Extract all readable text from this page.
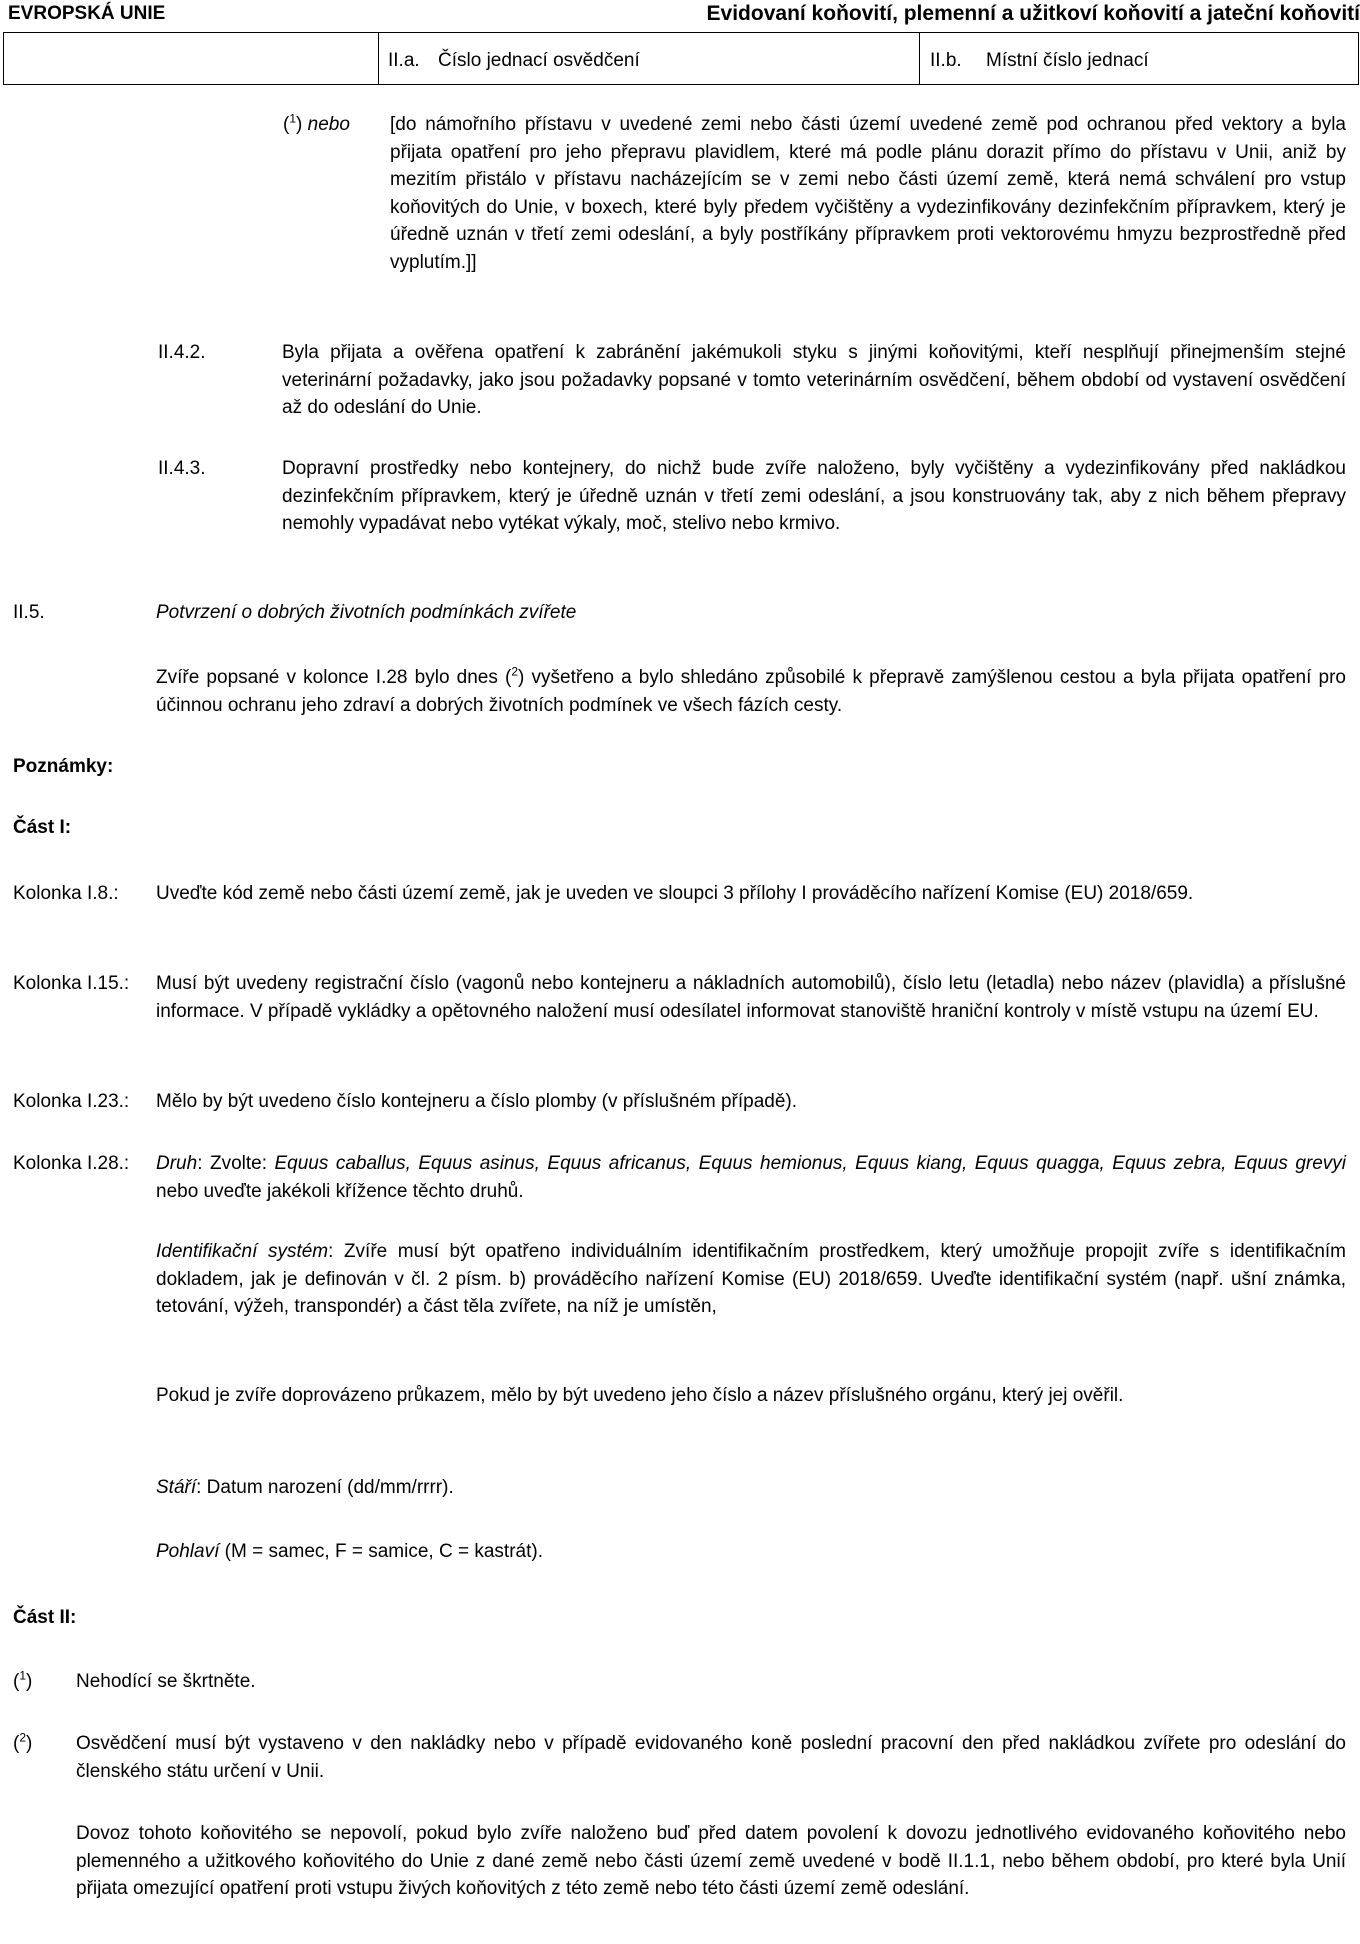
EVROPSKÁ UNIE	Evidovaní koňovití, plemenní a užitkoví koňovití a jateční koňovití
II.a. Číslo jednací osvědčení	II.b. Místní číslo jednací
($^1$) nebo [do námořního přístavu v uvedené zemi nebo části území uvedené země pod ochranou před vektory a byla přijata opatření pro jeho přepravu plavidlem, které má podle plánu dorazit přímo do přístavu v Unii, aniž by mezitím přistálo v přístavu nacházejícím se v zemi nebo části území země, která nemá schválení pro vstup koňovitých do Unie, v boxech, které byly předem vyčištěny a vydezinfikovány dezinfekčním přípravkem, který je úředně uznán v třetí zemi odeslání, a byly postříkány přípravkem proti vektorovému hmyzu bezprostředně před vyplutím.]]

II.4.2.	Byla přijata a ověřena opatření k zabránění jakémukoli styku s jinými koňovitými, kteří nesplňují přinejmenším stejné veterinární požadavky, jako jsou požadavky popsané v tomto veterinárním osvědčení, během období od vystavení osvědčení až do odeslání do Unie.

II.4.3.	Dopravní prostředky nebo kontejnery, do nichž bude zvíře naloženo, byly vyčištěny a vydezinfikovány před nakládkou dezinfekčním přípravkem, který je úředně uznán v třetí zemi odeslání, a jsou konstruovány tak, aby z nich během přepravy nemohly vypadávat nebo vytékat výkaly, moč, stelivo nebo krmivo.

II.5.	Potvrzení o dobrých životních podmínkách zvířete

Zvíře popsané v kolonce I.28 bylo dnes ($^2$) vyšetřeno a bylo shledáno způsobilé k přepravě zamýšlenou cestou a byla přijata opatření pro účinnou ochranu jeho zdraví a dobrých životních podmínek ve všech fázích cesty.

Poznámky:
Část I:
Kolonka I.8.: Uveďte kód země nebo části území země, jak je uveden ve sloupci 3 přílohy I prováděcího nařízení Komise (EU) 2018/659.

Kolonka I.15.: Musí být uvedeny registrační číslo (vagonů nebo kontejneru a nákladních automobilů), číslo letu (letadla) nebo název (plavidla) a příslušné informace. V případě vykládky a opětovného naložení musí odesílatel informovat stanoviště hraniční kontroly v místě vstupu na území EU.

Kolonka I.23.: Mělo by být uvedeno číslo kontejneru a číslo plomby (v příslušném případě).

Kolonka I.28.: Druh: Zvolte: Equus caballus, Equus asinus, Equus africanus, Equus hemionus, Equus kiang, Equus quagga, Equus zebra, Equus grevyi nebo uveďte jakékoli křížence těchto druhů.

Identifikační systém: Zvíře musí být opatřeno individuálním identifikačním prostředkem, který umožňuje propojit zvíře s identifikačním dokladem, jak je definován v čl. 2 písm. b) prováděcího nařízení Komise (EU) 2018/659. Uveďte identifikační systém (např. ušní známka, tetování, výžeh, transpondér) a část těla zvířete, na níž je umístěn,

Pokud je zvíře doprovázeno průkazem, mělo by být uvedeno jeho číslo a název příslušného orgánu, který jej ověřil.

Stáří: Datum narození (dd/mm/rrrr).

Pohlaví (M = samec, F = samice, C = kastrát).

Část II:
($^1$) Nehodící se škrtněte.

($^2$) Osvědčení musí být vystaveno v den nakládky nebo v případě evidovaného koně poslední pracovní den před nakládkou zvířete pro odeslání do členského státu určení v Unii.

Dovoz tohoto koňovitého se nepovolí, pokud bylo zvíře naloženo buď před datem povolení k dovozu jednotlivého evidovaného koňovitého nebo plemenného a užitkového koňovitého do Unie z dané země nebo části území země uvedené v bodě II.1.1, nebo během období, pro které byla Unií přijata omezující opatření proti vstupu živých koňovitých z této země nebo této části území země odeslání.
